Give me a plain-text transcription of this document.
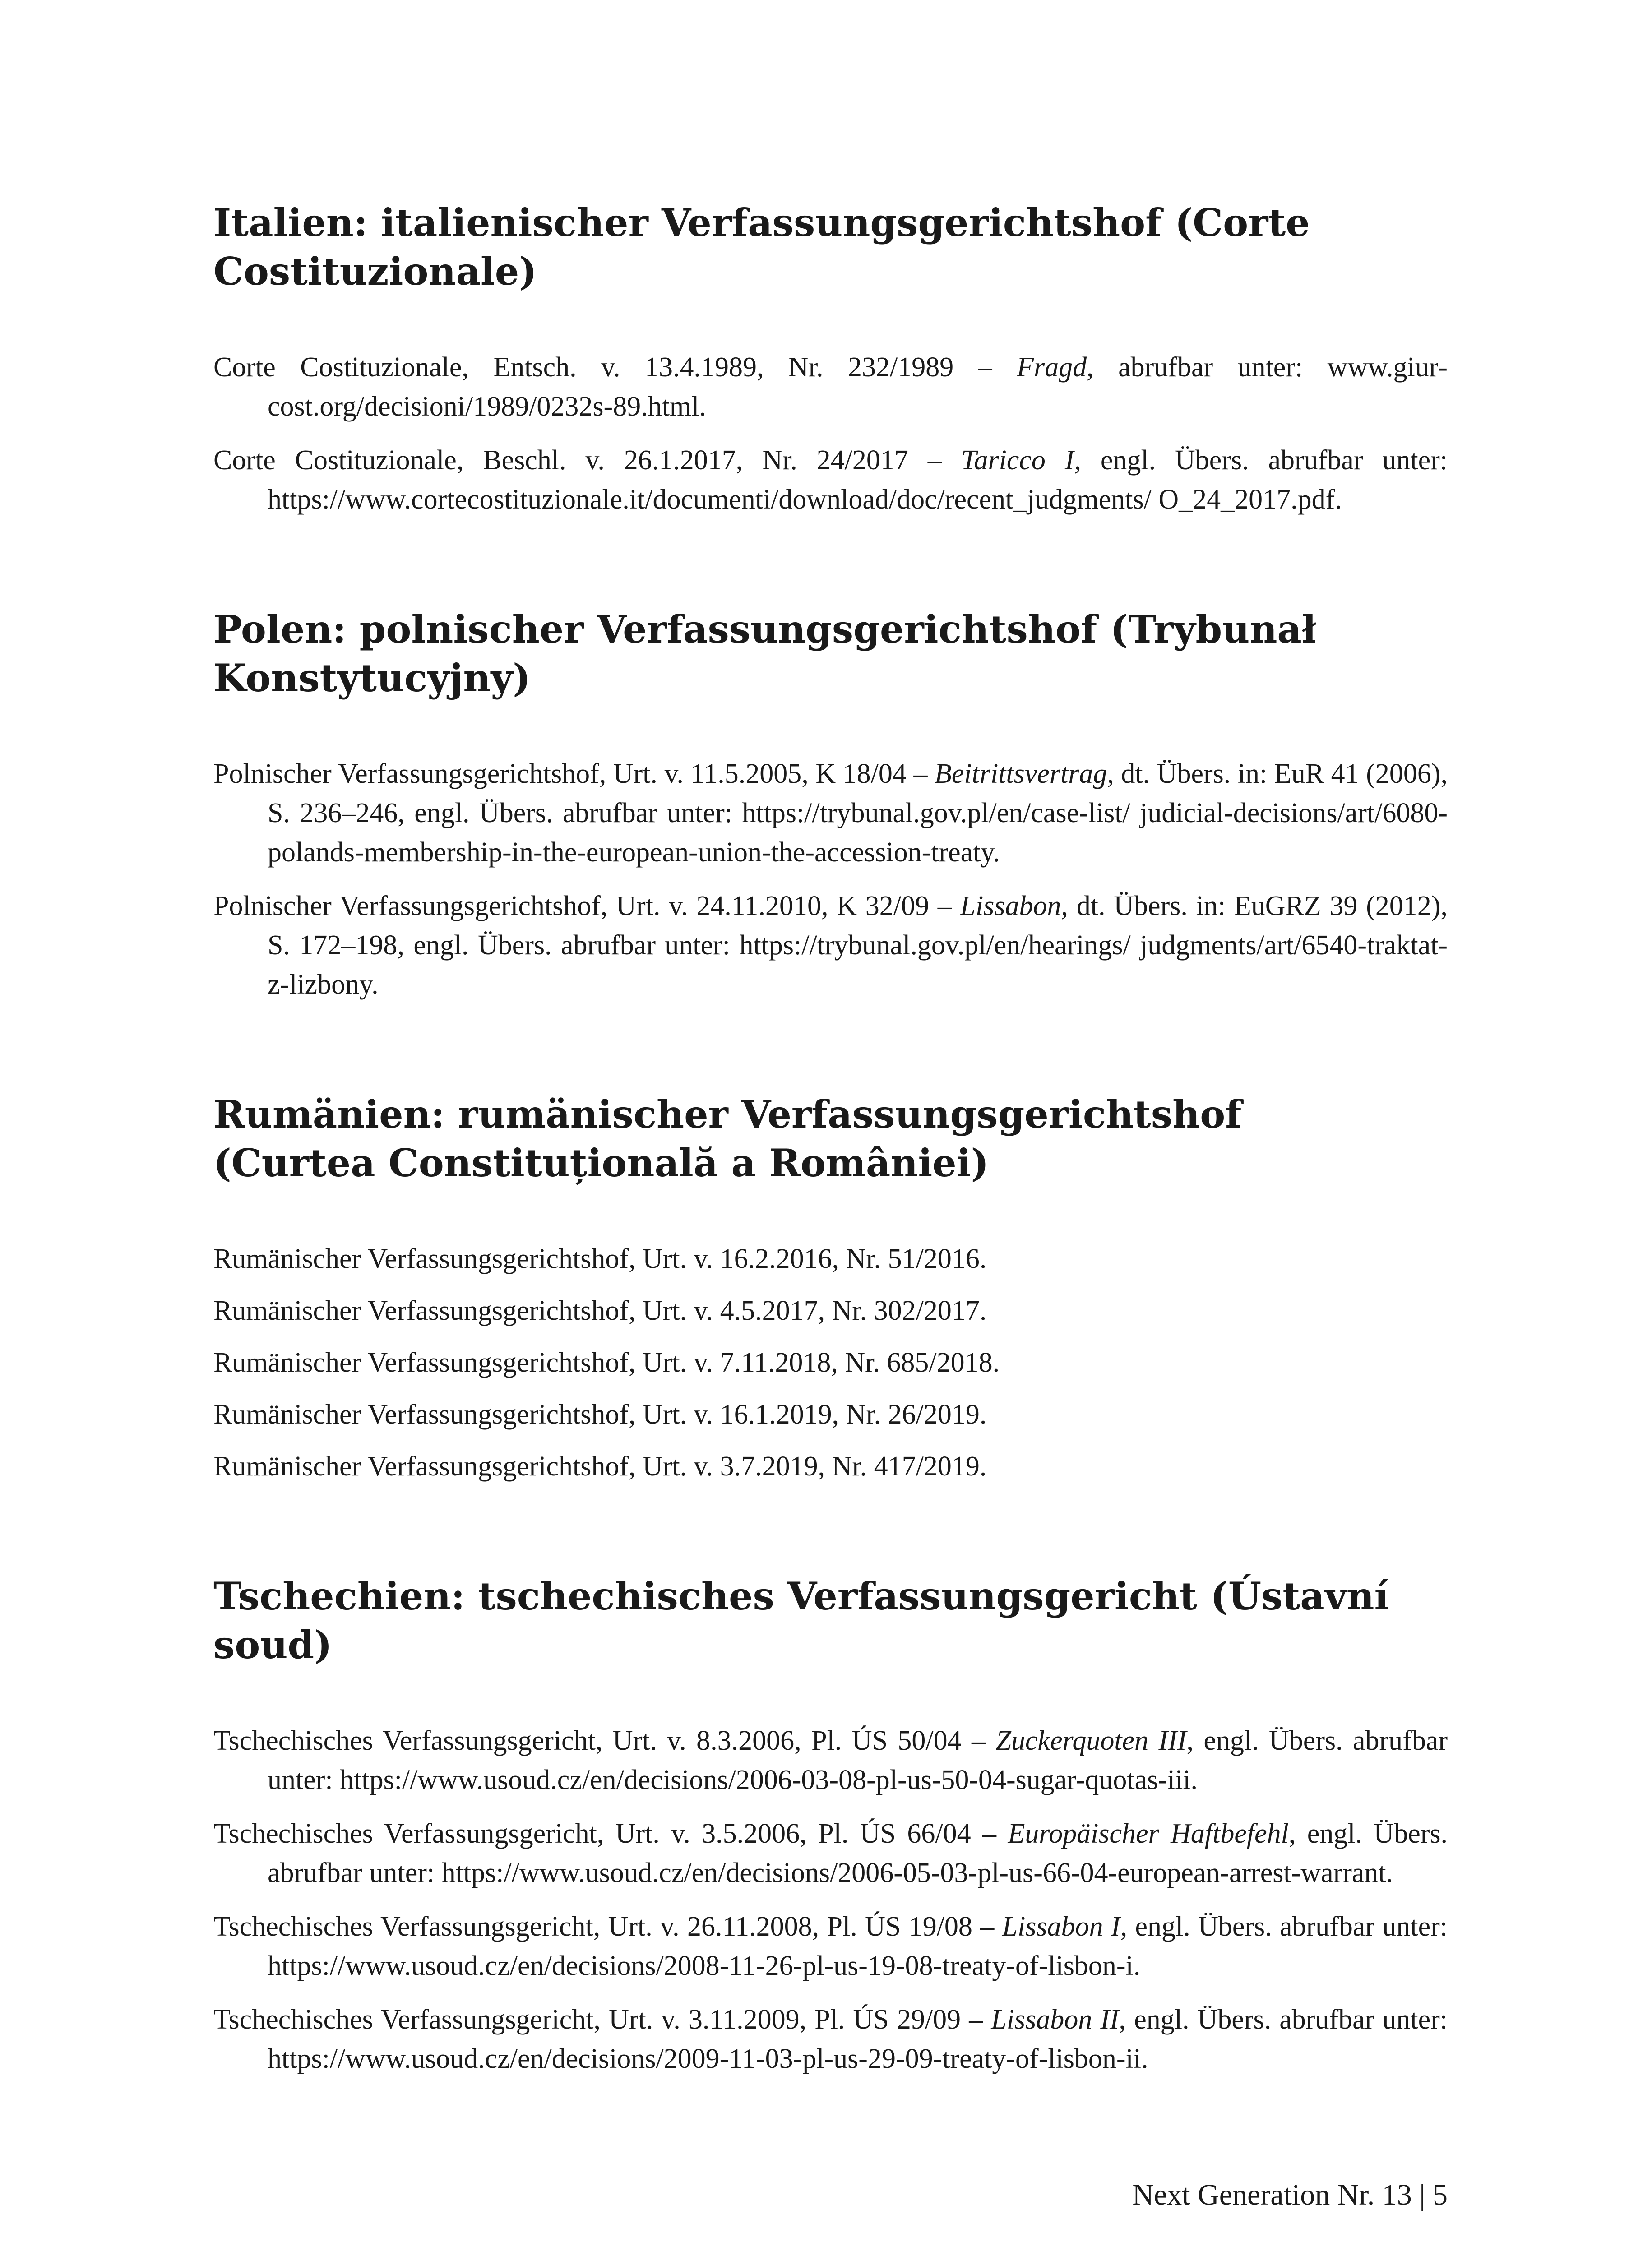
Italien: italienischer Verfassungsgerichtshof (Corte Costituzionale)

Corte Costituzionale, Entsch. v. 13.4.1989, Nr. 232/1989 – Fragd, abrufbar unter: www.giurcost.org/decisioni/1989/0232s-89.html.

Corte Costituzionale, Beschl. v. 26.1.2017, Nr. 24/2017 – Taricco I, engl. Übers. abrufbar unter: https://www.cortecostituzionale.it/documenti/download/doc/recent_judgments/ O_24_2017.pdf.

Polen: polnischer Verfassungsgerichtshof (Trybunał Konstytucyjny)

Polnischer Verfassungsgerichtshof, Urt. v. 11.5.2005, K 18/04 – Beitrittsvertrag, dt. Übers. in: EuR 41 (2006), S. 236–246, engl. Übers. abrufbar unter: https://trybunal.gov.pl/en/case-list/ judicial-decisions/art/6080-polands-membership-in-the-european-union-the-accession-treaty.

Polnischer Verfassungsgerichtshof, Urt. v. 24.11.2010, K 32/09 – Lissabon, dt. Übers. in: EuGRZ 39 (2012), S. 172–198, engl. Übers. abrufbar unter: https://trybunal.gov.pl/en/hearings/ judgments/art/6540-traktat-z-lizbony.

Rumänien: rumänischer Verfassungsgerichtshof (Curtea Constituțională a României)

Rumänischer Verfassungsgerichtshof, Urt. v. 16.2.2016, Nr. 51/2016.

Rumänischer Verfassungsgerichtshof, Urt. v. 4.5.2017, Nr. 302/2017.

Rumänischer Verfassungsgerichtshof, Urt. v. 7.11.2018, Nr. 685/2018.

Rumänischer Verfassungsgerichtshof, Urt. v. 16.1.2019, Nr. 26/2019.

Rumänischer Verfassungsgerichtshof, Urt. v. 3.7.2019, Nr. 417/2019.

Tschechien: tschechisches Verfassungsgericht (Ústavní soud)

Tschechisches Verfassungsgericht, Urt. v. 8.3.2006, Pl. ÚS 50/04 – Zuckerquoten III, engl. Übers. abrufbar unter: https://www.usoud.cz/en/decisions/2006-03-08-pl-us-50-04-sugar-quotas-iii.

Tschechisches Verfassungsgericht, Urt. v. 3.5.2006, Pl. ÚS 66/04 – Europäischer Haftbefehl, engl. Übers. abrufbar unter: https://www.usoud.cz/en/decisions/2006-05-03-pl-us-66-04-european-arrest-warrant.

Tschechisches Verfassungsgericht, Urt. v. 26.11.2008, Pl. ÚS 19/08 – Lissabon I, engl. Übers. abrufbar unter: https://www.usoud.cz/en/decisions/2008-11-26-pl-us-19-08-treaty-of-lisbon-i.

Tschechisches Verfassungsgericht, Urt. v. 3.11.2009, Pl. ÚS 29/09 – Lissabon II, engl. Übers. abrufbar unter: https://www.usoud.cz/en/decisions/2009-11-03-pl-us-29-09-treaty-of-lisbon-ii.

Next Generation Nr. 13 | 5
